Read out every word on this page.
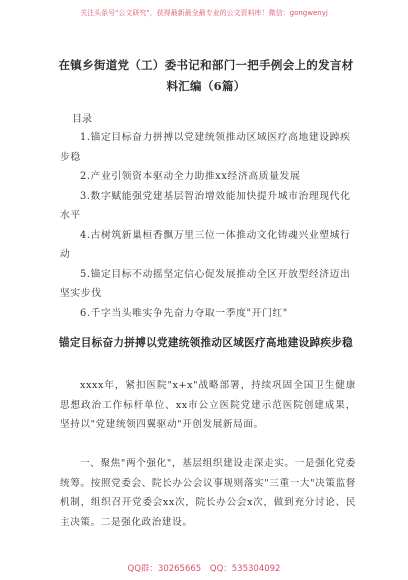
关注头条号"公文研究"，获得最新最全最专业的公文资料库！微信：gongwenyj
在镇乡街道党（工）委书记和部门一把手例会上的发言材料汇编（6篇）
目录
1.锚定目标奋力拼搏以党建统领推动区域医疗高地建设踔疾步稳
2.产业引领资本驱动全力助推xx经济高质量发展
3.数字赋能强党建基层智治增效能加快提升城市治理现代化水平
4.古树筑新巢桓香飘万里三位一体推动文化铸魂兴业塑城行动
5.锚定目标不动摇坚定信心促发展推动全区开放型经济迈出坚实步伐
6.千字当头唯实争先奋力夺取一季度"开门红"
锚定目标奋力拼搏以党建统领推动区域医疗高地建设踔疾步稳

xxxx年，紧扣医院"x+x"战略部署，持续巩固全国卫生健康思想政治工作标杆单位、xx市公立医院党建示范医院创建成果，坚持以"党建统领四翼驱动"开创发展新局面。

一、聚焦"两个强化"，基层组织建设走深走实。一是强化党委统筹。按照党委会、院长办公会议事规则落实"三重一大"决策监督机制，组织召开党委会xx次，院长办公会x次，做到充分讨论、民主决策。二是强化政治建设。

QQ群：30265665 QQ：535304092
